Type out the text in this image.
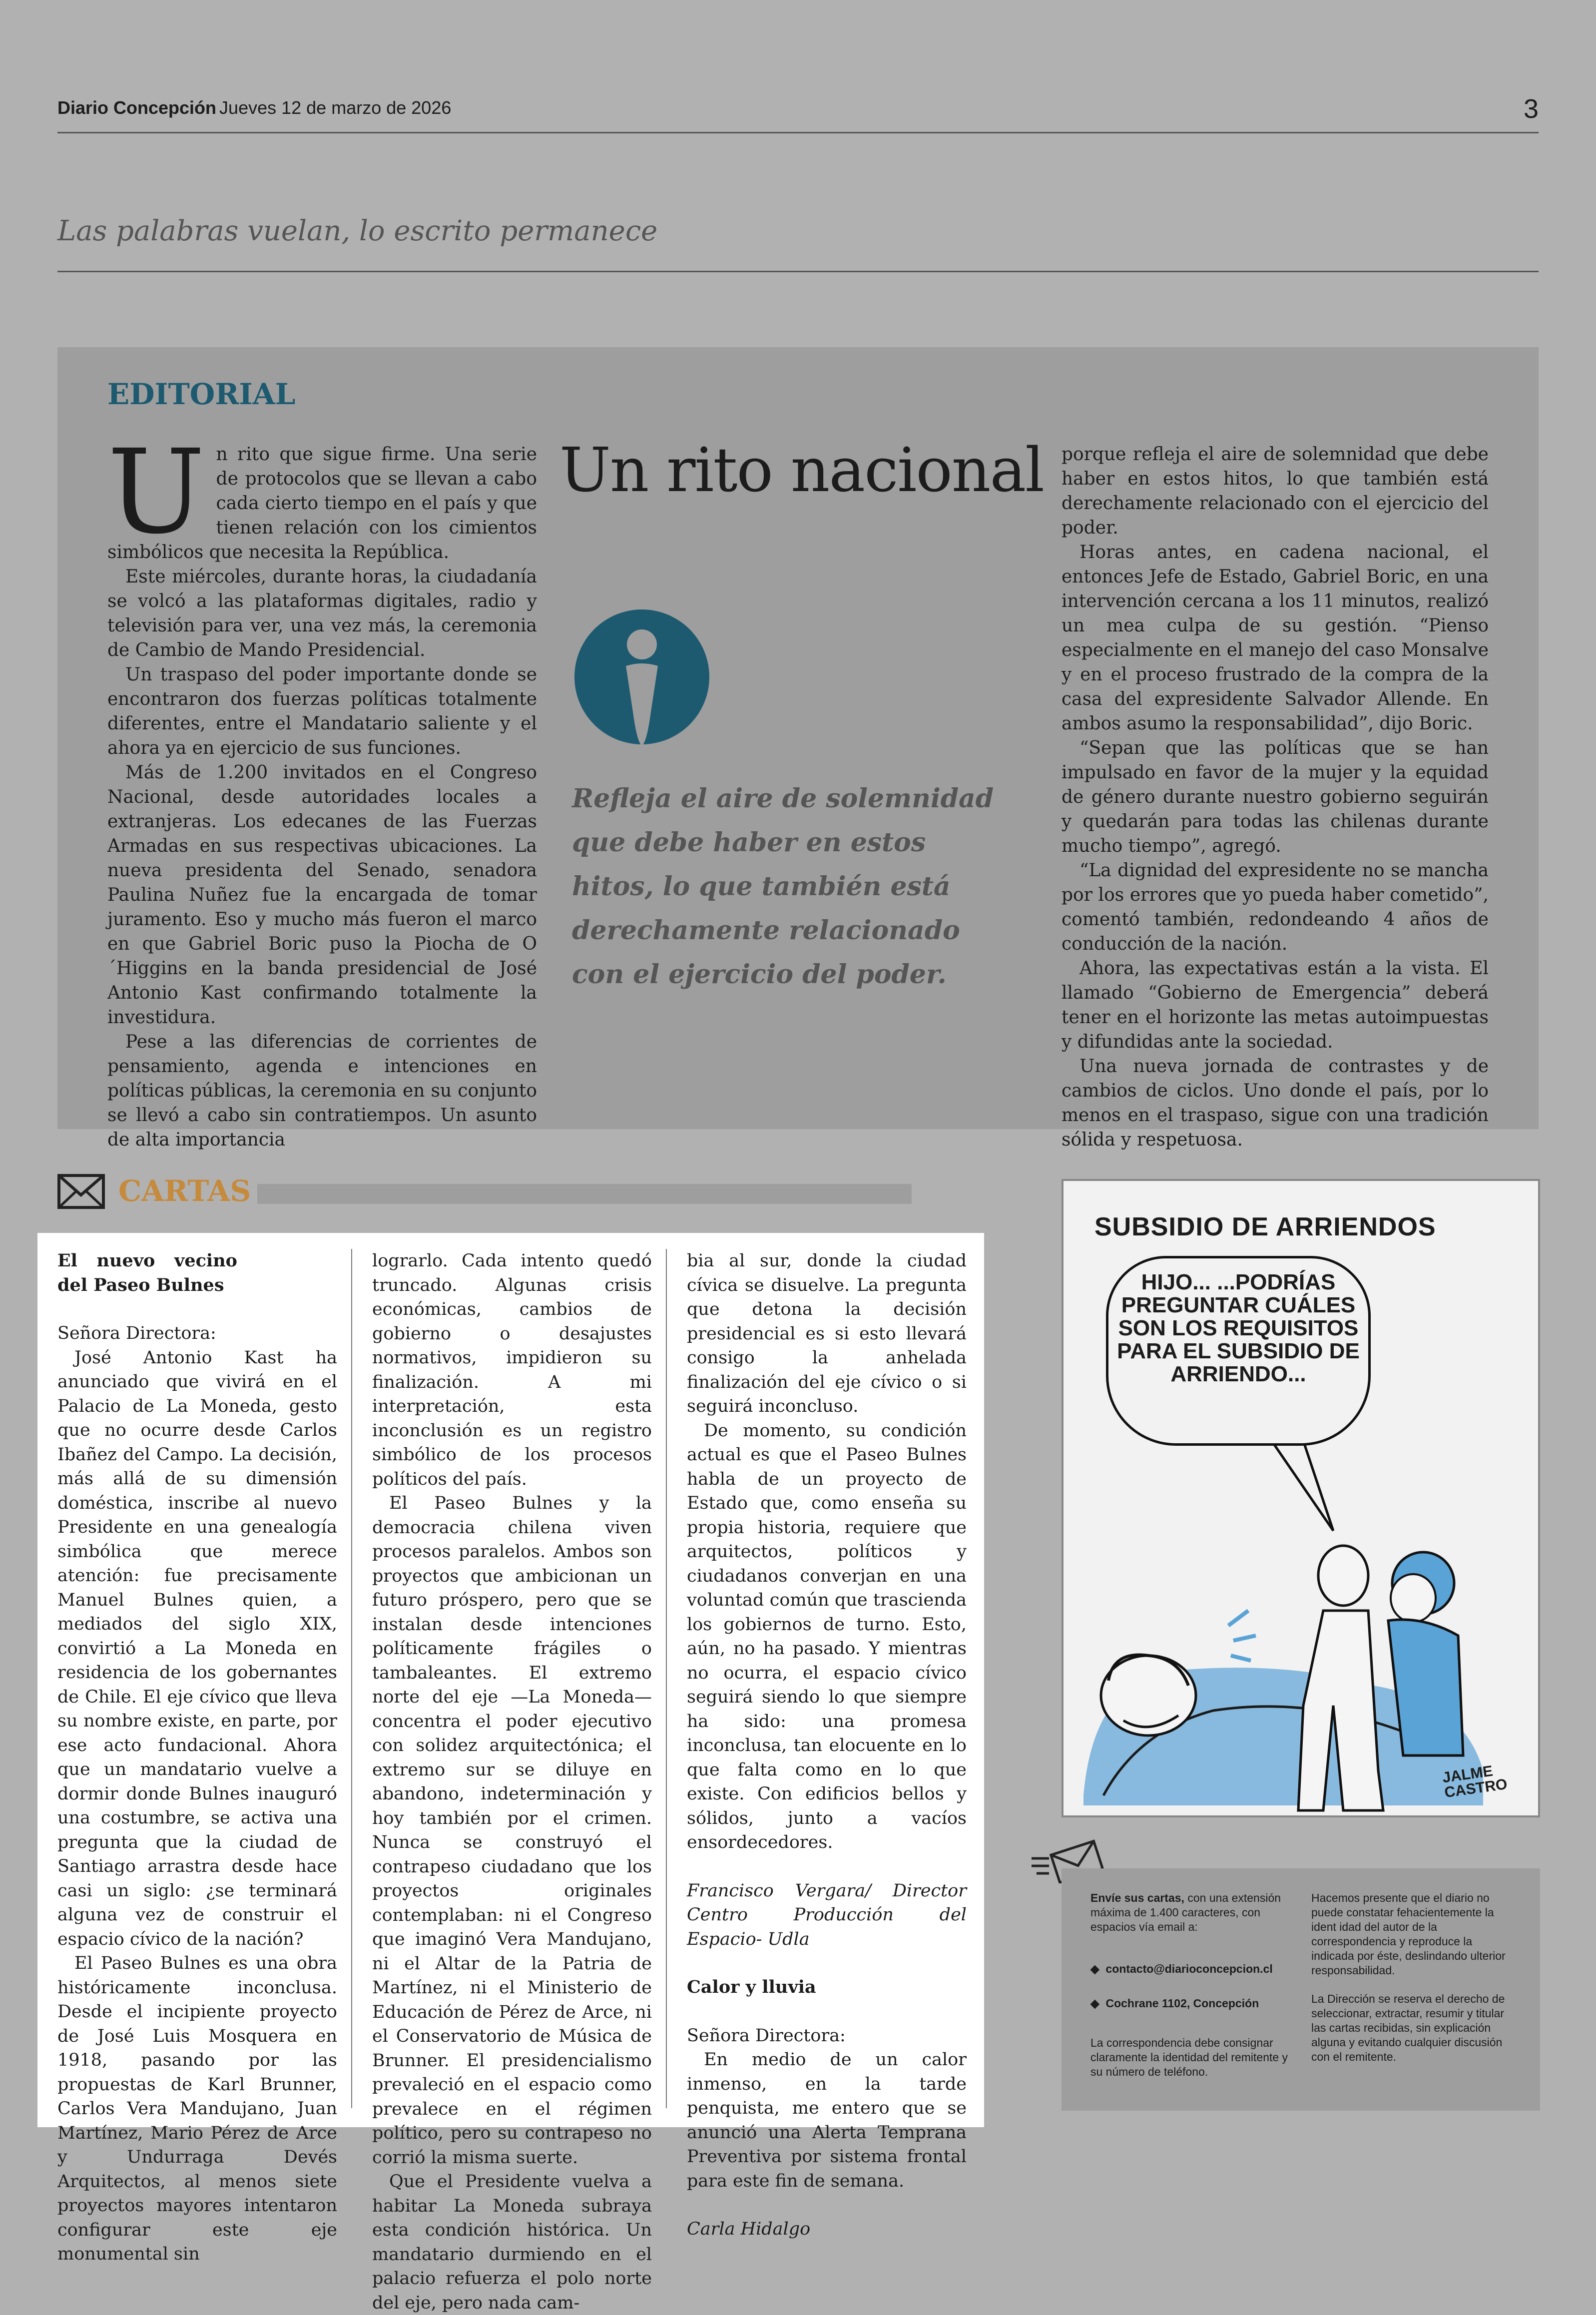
Diario Concepción Jueves 12 de marzo de 2026	3
Las palabras vuelan, lo escrito permanece
EDITORIAL

Un rito que sigue firme. Una serie de protocolos que se llevan a cabo cada cierto tiempo en el país y que tienen relación con los cimientos simbólicos que necesita la República.

Este miércoles, durante horas, la ciudadanía se volcó a las plataformas digitales, radio y televisión para ver, una vez más, la ceremonia de Cambio de Mando Presidencial.

Un traspaso del poder importante donde se encontraron dos fuerzas políticas totalmente diferentes, entre el Mandatario saliente y el ahora ya en ejercicio de sus funciones.

Más de 1.200 invitados en el Congreso Nacional, desde autoridades locales a extranjeras. Los edecanes de las Fuerzas Armadas en sus respectivas ubicaciones. La nueva presidenta del Senado, senadora Paulina Nuñez fue la encargada de tomar juramento. Eso y mucho más fueron el marco en que Gabriel Boric puso la Piocha de O´Higgins en la banda presidencial de José Antonio Kast confirmando totalmente la investidura.

Pese a las diferencias de corrientes de pensamiento, agenda e intenciones en políticas públicas, la ceremonia en su conjunto se llevó a cabo sin contratiempos. Un asunto de alta importancia

Un rito nacional
Refleja el aire de solemnidad que debe haber en estos hitos, lo que también está derechamente relacionado con el ejercicio del poder.

porque refleja el aire de solemnidad que debe haber en estos hitos, lo que también está derechamente relacionado con el ejercicio del poder.

Horas antes, en cadena nacional, el entonces Jefe de Estado, Gabriel Boric, en una intervención cercana a los 11 minutos, realizó un mea culpa de su gestión. “Pienso especialmente en el manejo del caso Monsalve y en el proceso frustrado de la compra de la casa del expresidente Salvador Allende. En ambos asumo la responsabilidad”, dijo Boric.

“Sepan que las políticas que se han impulsado en favor de la mujer y la equidad de género durante nuestro gobierno seguirán y quedarán para todas las chilenas durante mucho tiempo”, agregó.

“La dignidad del expresidente no se mancha por los errores que yo pueda haber cometido”, comentó también, redondeando 4 años de conducción de la nación.

Ahora, las expectativas están a la vista. El llamado “Gobierno de Emergencia” deberá tener en el horizonte las metas autoimpuestas y difundidas ante la sociedad.

Una nueva jornada de contrastes y de cambios de ciclos. Uno donde el país, por lo menos en el traspaso, sigue con una tradición sólida y respetuosa.

CARTAS

El nuevo vecino del Paseo Bulnes

Señora Directora:

José Antonio Kast ha anunciado que vivirá en el Palacio de La Moneda, gesto que no ocurre desde Carlos Ibañez del Campo. La decisión, más allá de su dimensión doméstica, inscribe al nuevo Presidente en una genealogía simbólica que merece atención: fue precisamente Manuel Bulnes quien, a mediados del siglo XIX, convirtió a La Moneda en residencia de los gobernantes de Chile. El eje cívico que lleva su nombre existe, en parte, por ese acto fundacional. Ahora que un mandatario vuelve a dormir donde Bulnes inauguró una costumbre, se activa una pregunta que la ciudad de Santiago arrastra desde hace casi un siglo: ¿se terminará alguna vez de construir el espacio cívico de la nación?

El Paseo Bulnes es una obra históricamente inconclusa. Desde el incipiente proyecto de José Luis Mosquera en 1918, pasando por las propuestas de Karl Brunner, Carlos Vera Mandujano, Juan Martínez, Mario Pérez de Arce y Undurraga Devés Arquitectos, al menos siete proyectos mayores intentaron configurar este eje monumental sin

lograrlo. Cada intento quedó truncado. Algunas crisis económicas, cambios de gobierno o desajustes normativos, impidieron su finalización. A mi interpretación, esta inconclusión es un registro simbólico de los procesos políticos del país.

El Paseo Bulnes y la democracia chilena viven procesos paralelos. Ambos son proyectos que ambicionan un futuro próspero, pero que se instalan desde intenciones políticamente frágiles o tambaleantes. El extremo norte del eje —La Moneda— concentra el poder ejecutivo con solidez arquitectónica; el extremo sur se diluye en abandono, indeterminación y hoy también por el crimen. Nunca se construyó el contrapeso ciudadano que los proyectos originales contemplaban: ni el Congreso que imaginó Vera Mandujano, ni el Altar de la Patria de Martínez, ni el Ministerio de Educación de Pérez de Arce, ni el Conservatorio de Música de Brunner. El presidencialismo prevaleció en el espacio como prevalece en el régimen político, pero su contrapeso no corrió la misma suerte.

Que el Presidente vuelva a habitar La Moneda subraya esta condición histórica. Un mandatario durmiendo en el palacio refuerza el polo norte del eje, pero nada cam-

bia al sur, donde la ciudad cívica se disuelve. La pregunta que detona la decisión presidencial es si esto llevará consigo la anhelada finalización del eje cívico o si seguirá inconcluso.

De momento, su condición actual es que el Paseo Bulnes habla de un proyecto de Estado que, como enseña su propia historia, requiere que arquitectos, políticos y ciudadanos converjan en una voluntad común que trascienda los gobiernos de turno. Esto, aún, no ha pasado. Y mientras no ocurra, el espacio cívico seguirá siendo lo que siempre ha sido: una promesa inconclusa, tan elocuente en lo que falta como en lo que existe. Con edificios bellos y sólidos, junto a vacíos ensordecedores.

Francisco Vergara/ Director Centro Producción del Espacio- Udla

Calor y lluvia

Señora Directora:

En medio de un calor inmenso, en la tarde penquista, me entero que se anunció una Alerta Temprana Preventiva por sistema frontal para este fin de semana.

Carla Hidalgo

SUBSIDIO DE ARRIENDOS
HIJO... ...PODRÍAS PREGUNTAR CUÁLES SON LOS REQUISITOS PARA EL SUBSIDIO DE ARRIENDO...
JALME CASTRO

Envíe sus cartas, con una extensión máxima de 1.400 caracteres, con espacios vía email a:

◆ contacto@diarioconcepcion.cl

◆ Cochrane 1102, Concepción

La correspondencia debe consignar claramente la identidad del remitente y su número de teléfono.

Hacemos presente que el diario no puede constatar fehacientemente la ident idad del autor de la correspondencia y reproduce la indicada por éste, deslindando ulterior responsabilidad.

La Dirección se reserva el derecho de seleccionar, extractar, resumir y titular las cartas recibidas, sin explicación alguna y evitando cualquier discusión con el remitente.
